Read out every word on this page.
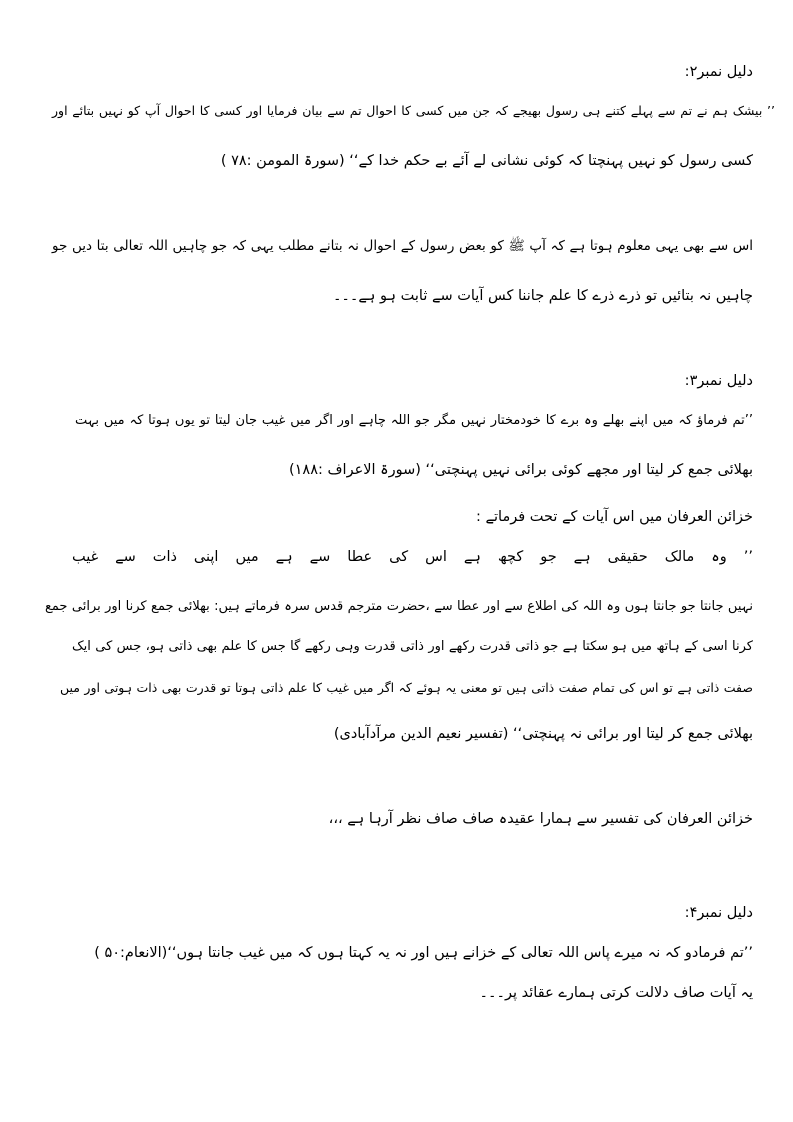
دلیل نمبر۲:

’’ بیشک ہم نے تم سے پہلے کتنے ہی رسول بھیجے کہ جن میں کسی کا احوال تم سے بیان فرمایا اور کسی کا احوال آپ کو نہیں بتائے اور

کسی رسول کو نہیں پہنچتا کہ کوئی نشانی لے آئے بے حکم خدا کے‘‘ (سورۃ المومن :۷۸ )

اس سے بھی یہی معلوم ہوتا ہے کہ آپ ﷺ کو بعض رسول کے احوال نہ بتانے مطلب یہی کہ جو چاہیں اللہ تعالی بتا دیں جو

چاہیں نہ بتائیں تو ذرے ذرے کا علم جاننا کس آیات سے ثابت ہو ہے۔۔۔

دلیل نمبر۳:

’’تم فرماؤ کہ میں اپنے بھلے وہ برے کا خودمختار نہیں مگر جو اللہ چاہے اور اگر میں غیب جان لیتا تو یوں ہوتا کہ میں بہت

بھلائی جمع کر لیتا اور مجھے کوئی برائی نہیں پہنچتی‘‘ (سورۃ الاعراف :۱۸۸)

خزائن العرفان میں اس آیات کے تحت فرماتے :

’’ وہ مالک حقیقی ہے جو کچھ ہے اس کی عطا سے ہے میں اپنی ذات سے غیب

نہیں جانتا جو جانتا ہوں وہ اللہ کی اطلاع سے اور عطا سے ،حضرت مترجم قدس سرہ فرماتے ہیں: بھلائی جمع کرنا اور برائی جمع

کرنا اسی کے ہاتھ میں ہو سکتا ہے جو ذاتی قدرت رکھے اور ذاتی قدرت وہی رکھے گا جس کا علم بھی ذاتی ہو، جس کی ایک

صفت ذاتی ہے تو اس کی تمام صفت ذاتی ہیں تو معنی یہ ہوئے کہ اگر میں غیب کا علم ذاتی ہوتا تو قدرت بھی ذات ہوتی اور میں

بھلائی جمع کر لیتا اور برائی نہ پہنچتی‘‘ (تفسیر نعیم الدین مرآدآبادی)

خزائن العرفان کی تفسیر سے ہمارا عقیدہ صاف صاف نظر آرہا ہے ،،،

دلیل نمبر۴:

’’تم فرمادو کہ نہ میرے پاس اللہ تعالی کے خزانے ہیں اور نہ یہ کہتا ہوں کہ میں غیب جانتا ہوں‘‘(الانعام:۵۰ )

یہ آیات صاف دلالت کرتی ہمارے عقائد پر۔۔۔
